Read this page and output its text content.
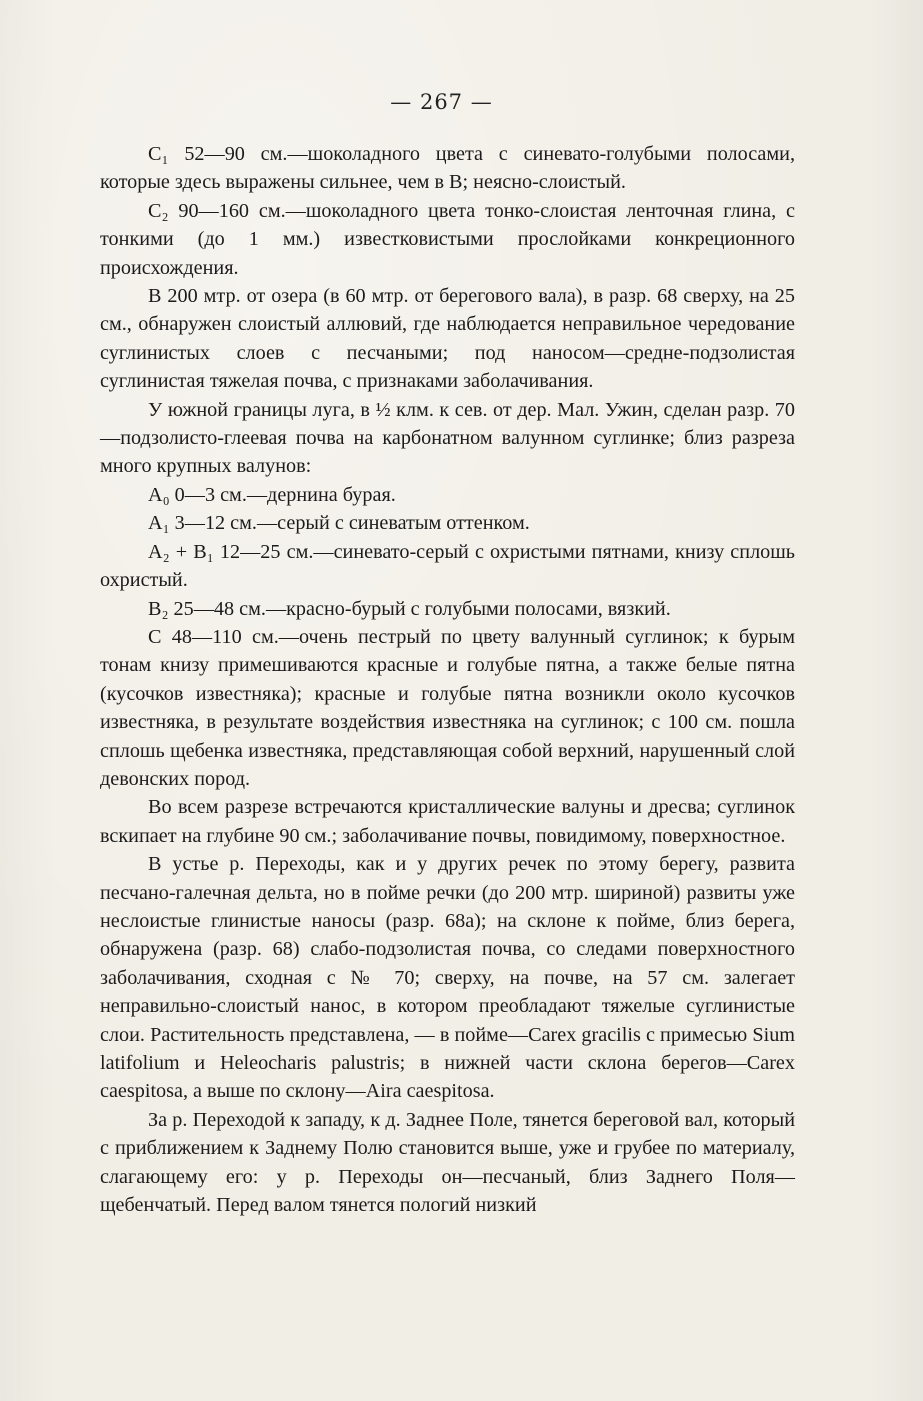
— 267 —

C₁ 52—90 см.—шоколадного цвета с синевато-голубыми полосами, которые здесь выражены сильнее, чем в B; неясно-слоистый.

C₂ 90—160 см.—шоколадного цвета тонко-слоистая ленточная глина, с тонкими (до 1 мм.) известковистыми прослойками конкреционного происхождения.

В 200 мтр. от озера (в 60 мтр. от берегового вала), в разр. 68 сверху, на 25 см., обнаружен слоистый аллювий, где наблюдается неправильное чередование суглинистых слоев с песчаными; под наносом—средне-подзолистая суглинистая тяжелая почва, с признаками заболачивания.

У южной границы луга, в ½ клм. к сев. от дер. Мал. Ужин, сделан разр. 70—подзолисто-глеевая почва на карбонатном валунном суглинке; близ разреза много крупных валунов:

A₀ 0—3 см.—дернина бурая.

A₁ 3—12 см.—серый с синеватым оттенком.

A₂ + B₁ 12—25 см.—синевато-серый с охристыми пятнами, книзу сплошь охристый.

B₂ 25—48 см.—красно-бурый с голубыми полосами, вязкий.

C 48—110 см.—очень пестрый по цвету валунный суглинок; к бурым тонам книзу примешиваются красные и голубые пятна, а также белые пятна (кусочков известняка); красные и голубые пятна возникли около кусочков известняка, в результате воздействия известняка на суглинок; с 100 см. пошла сплошь щебенка известняка, представляющая собой верхний, нарушенный слой девонских пород.

Во всем разрезе встречаются кристаллические валуны и дресва; суглинок вскипает на глубине 90 см.; заболачивание почвы, повидимому, поверхностное.

В устье р. Переходы, как и у других речек по этому берегу, развита песчано-галечная дельта, но в пойме речки (до 200 мтр. шириной) развиты уже неслоистые глинистые наносы (разр. 68а); на склоне к пойме, близ берега, обнаружена (разр. 68) слабо-подзолистая почва, со следами поверхностного заболачивания, сходная с № 70; сверху, на почве, на 57 см. залегает неправильно-слоистый нанос, в котором преобладают тяжелые суглинистые слои. Растительность представлена, — в пойме—Carex gracilis с примесью Sium latifolium и Heleocharis palustris; в нижней части склона берегов—Carex caespitosa, а выше по склону—Aira caespitosa.

За р. Переходой к западу, к д. Заднее Поле, тянется береговой вал, который с приближением к Заднему Полю становится выше, уже и грубее по материалу, слагающему его: у р. Переходы он—песчаный, близ Заднего Поля—щебенчатый. Перед валом тянется пологий низкий
